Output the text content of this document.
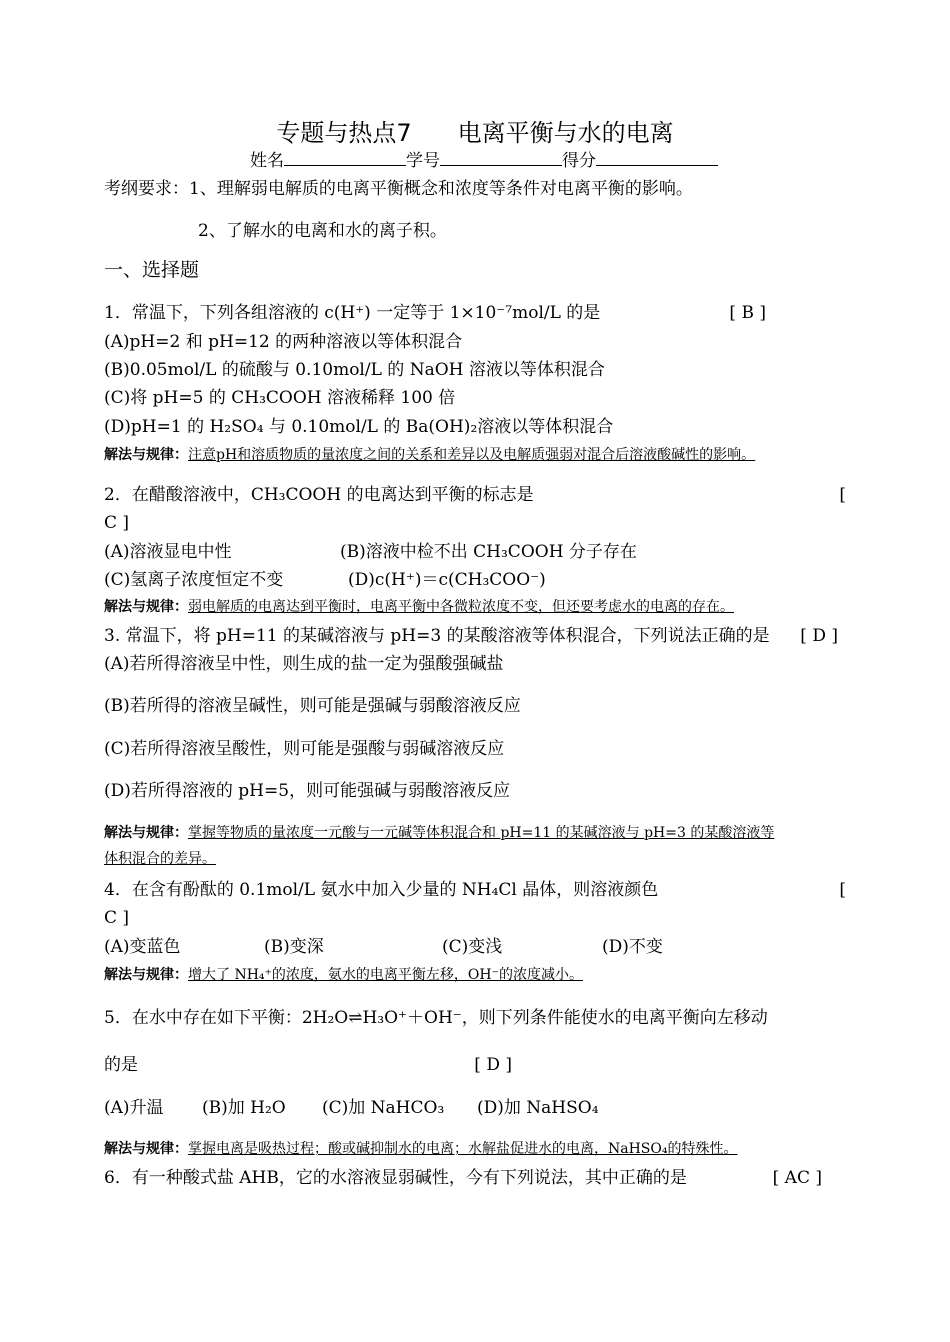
专题与热点7 电离平衡与水的电离
姓名	学号	得分
考纲要求：1、理解弱电解质的电离平衡概念和浓度等条件对电离平衡的影响。
2、了解水的电离和水的离子积。
一、选择题
1．常温下，下列各组溶液的 c(H⁺) 一定等于 1×10⁻⁷mol/L 的是	[ B ]
(A)pH=2 和 pH=12 的两种溶液以等体积混合
(B)0.05mol/L 的硫酸与 0.10mol/L 的 NaOH 溶液以等体积混合
(C)将 pH=5 的 CH₃COOH 溶液稀释 100 倍
(D)pH=1 的 H₂SO₄ 与 0.10mol/L 的 Ba(OH)₂溶液以等体积混合
解法与规律：注意pH和溶质物质的量浓度之间的关系和差异以及电解质强弱对混合后溶液酸碱性的影响。
2．在醋酸溶液中，CH₃COOH 的电离达到平衡的标志是	[
C ]
(A)溶液显电中性	(B)溶液中检不出 CH₃COOH 分子存在
(C)氢离子浓度恒定不变	(D)c(H⁺)＝c(CH₃COO⁻)
解法与规律：弱电解质的电离达到平衡时，电离平衡中各微粒浓度不变，但还要考虑水的电离的存在。
3. 常温下，将 pH=11 的某碱溶液与 pH=3 的某酸溶液等体积混合，下列说法正确的是 [ D ]
(A)若所得溶液呈中性，则生成的盐一定为强酸强碱盐
(B)若所得的溶液呈碱性，则可能是强碱与弱酸溶液反应
(C)若所得溶液呈酸性，则可能是强酸与弱碱溶液反应
(D)若所得溶液的 pH=5，则可能强碱与弱酸溶液反应
解法与规律：掌握等物质的量浓度一元酸与一元碱等体积混合和 pH=11 的某碱溶液与 pH=3 的某酸溶液等
体积混合的差异。
4．在含有酚酞的 0.1mol/L 氨水中加入少量的 NH₄Cl 晶体，则溶液颜色	[
C ]
(A)变蓝色	(B)变深	(C)变浅	(D)不变
解法与规律：增大了 NH₄⁺的浓度，氨水的电离平衡左移，OH⁻的浓度减小。
5．在水中存在如下平衡：2H₂O⇌H₃O⁺＋OH⁻，则下列条件能使水的电离平衡向左移动
的是	[ D ]
(A)升温 (B)加 H₂O (C)加 NaHCO₃ (D)加 NaHSO₄
解法与规律：掌握电离是吸热过程；酸或碱抑制水的电离；水解盐促进水的电离，NaHSO₄的特殊性。
6．有一种酸式盐 AHB，它的水溶液显弱碱性，今有下列说法，其中正确的是	[ AC ]
